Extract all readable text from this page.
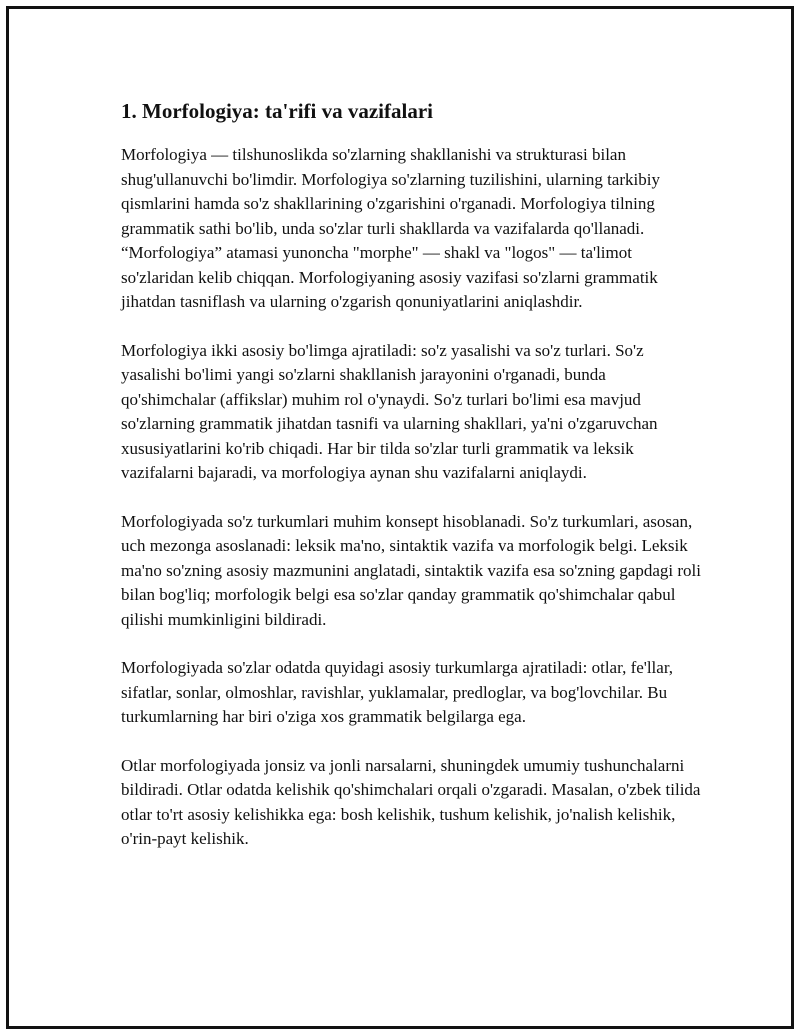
1. Morfologiya: ta'rifi va vazifalari

Morfologiya — tilshunoslikda so'zlarning shakllanishi va strukturasi bilan shug'ullanuvchi bo'limdir. Morfologiya so'zlarning tuzilishini, ularning tarkibiy qismlarini hamda so'z shakllarining o'zgarishini o'rganadi. Morfologiya tilning grammatik sathi bo'lib, unda so'zlar turli shakllarda va vazifalarda qo'llanadi. “Morfologiya” atamasi yunoncha "morphe" — shakl va "logos" — ta'limot so'zlaridan kelib chiqqan. Morfologiyaning asosiy vazifasi so'zlarni grammatik jihatdan tasniflash va ularning o'zgarish qonuniyatlarini aniqlashdir.

Morfologiya ikki asosiy bo'limga ajratiladi: so'z yasalishi va so'z turlari. So'z yasalishi bo'limi yangi so'zlarni shakllanish jarayonini o'rganadi, bunda qo'shimchalar (affikslar) muhim rol o'ynaydi. So'z turlari bo'limi esa mavjud so'zlarning grammatik jihatdan tasnifi va ularning shakllari, ya'ni o'zgaruvchan xususiyatlarini ko'rib chiqadi. Har bir tilda so'zlar turli grammatik va leksik vazifalarni bajaradi, va morfologiya aynan shu vazifalarni aniqlaydi.

Morfologiyada so'z turkumlari muhim konsept hisoblanadi. So'z turkumlari, asosan, uch mezonga asoslanadi: leksik ma'no, sintaktik vazifa va morfologik belgi. Leksik ma'no so'zning asosiy mazmunini anglatadi, sintaktik vazifa esa so'zning gapdagi roli bilan bog'liq; morfologik belgi esa so'zlar qanday grammatik qo'shimchalar qabul qilishi mumkinligini bildiradi.

Morfologiyada so'zlar odatda quyidagi asosiy turkumlarga ajratiladi: otlar, fe'llar, sifatlar, sonlar, olmoshlar, ravishlar, yuklamalar, predloglar, va bog'lovchilar. Bu turkumlarning har biri o'ziga xos grammatik belgilarga ega.

Otlar morfologiyada jonsiz va jonli narsalarni, shuningdek umumiy tushunchalarni bildiradi. Otlar odatda kelishik qo'shimchalari orqali o'zgaradi. Masalan, o'zbek tilida otlar to'rt asosiy kelishikka ega: bosh kelishik, tushum kelishik, jo'nalish kelishik, o'rin-payt kelishik.
